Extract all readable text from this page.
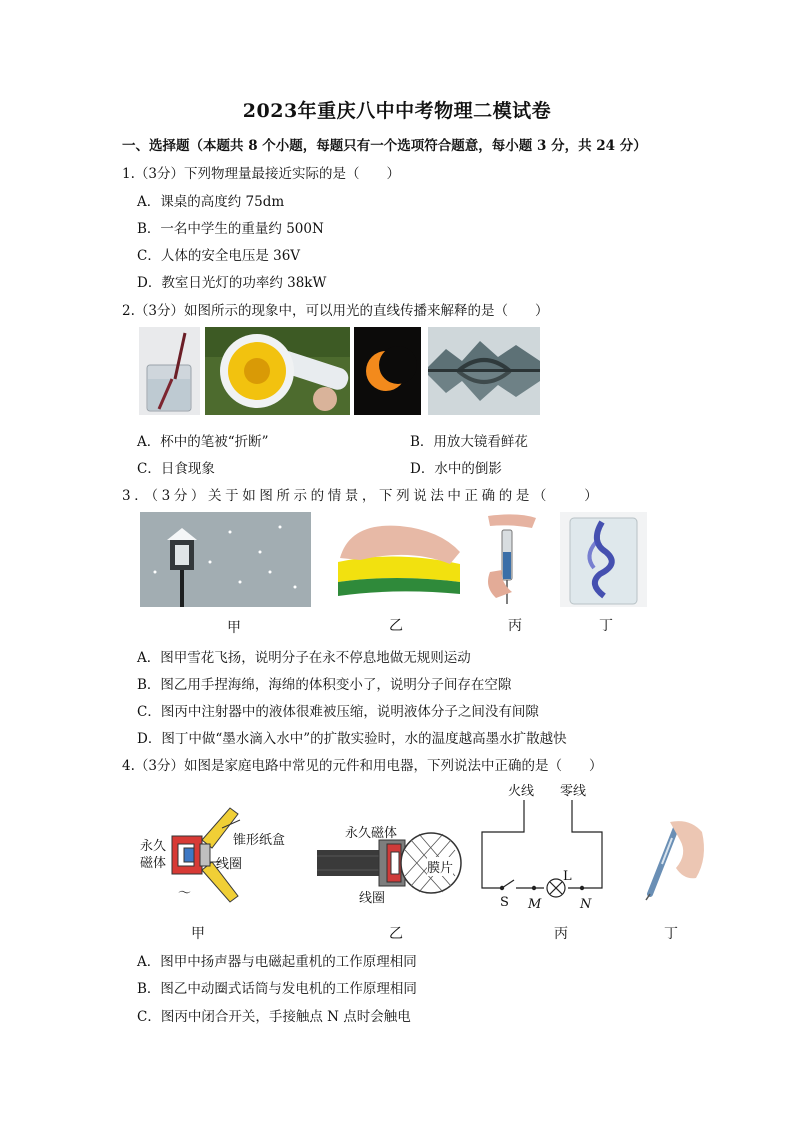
2023年重庆八中中考物理二模试卷
一、选择题（本题共 8 个小题，每题只有一个选项符合题意，每小题 3 分，共 24 分）
1.（3分）下列物理量最接近实际的是（　　）
A．课桌的高度约 75dm
B．一名中学生的重量约 500N
C．人体的安全电压是 36V
D．教室日光灯的功率约 38kW
2.（3分）如图所示的现象中，可以用光的直线传播来解释的是（　　）
A．杯中的笔被“折断”	B．用放大镜看鲜花
C．日食现象	D．水中的倒影
3．（3分）关于如图所示的情景，下列说法中正确的是（　　）
甲	乙	丙	丁
A．图甲雪花飞扬，说明分子在永不停息地做无规则运动
B．图乙用手捏海绵，海绵的体积变小了，说明分子间存在空隙
C．图丙中注射器中的液体很难被压缩，说明液体分子之间没有间隙
D．图丁中做“墨水滴入水中”的扩散实验时，水的温度越高墨水扩散越快
4.（3分）如图是家庭电路中常见的元件和用电器，下列说法中正确的是（　　）
永久
磁体
锥形纸盒
线圈
～
永久磁体
膜片
线圈
火线 零线
L
S M	N
甲	乙	丙	丁
A．图甲中扬声器与电磁起重机的工作原理相同
B．图乙中动圈式话筒与发电机的工作原理相同
C．图丙中闭合开关，手接触点 N 点时会触电
